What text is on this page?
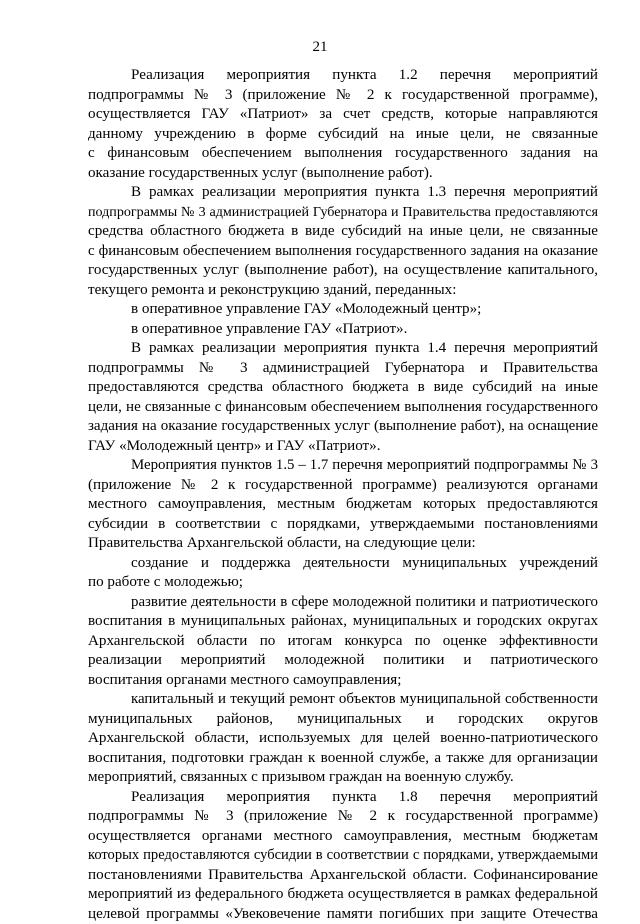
21

Реализация мероприятия пункта 1.2 перечня мероприятий
подпрограммы № 3 (приложение № 2 к государственной программе),
осуществляется ГАУ «Патриот» за счет средств, которые направляются
данному учреждению в форме субсидий на иные цели, не связанные
с финансовым обеспечением выполнения государственного задания на
оказание государственных услуг (выполнение работ).

В рамках реализации мероприятия пункта 1.3 перечня мероприятий
подпрограммы № 3 администрацией Губернатора и Правительства предоставляются
средства областного бюджета в виде субсидий на иные цели, не связанные
с финансовым обеспечением выполнения государственного задания на оказание
государственных услуг (выполнение работ), на осуществление капитального,
текущего ремонта и реконструкцию зданий, переданных:

в оперативное управление ГАУ «Молодежный центр»;

в оперативное управление ГАУ «Патриот».

В рамках реализации мероприятия пункта 1.4 перечня мероприятий
подпрограммы № 3 администрацией Губернатора и Правительства
предоставляются средства областного бюджета в виде субсидий на иные
цели, не связанные с финансовым обеспечением выполнения государственного
задания на оказание государственных услуг (выполнение работ), на оснащение
ГАУ «Молодежный центр» и ГАУ «Патриот».

Мероприятия пунктов 1.5 – 1.7 перечня мероприятий подпрограммы № 3
(приложение № 2 к государственной программе) реализуются органами
местного самоуправления, местным бюджетам которых предоставляются
субсидии в соответствии с порядками, утверждаемыми постановлениями
Правительства Архангельской области, на следующие цели:

создание и поддержка деятельности муниципальных учреждений
по работе с молодежью;

развитие деятельности в сфере молодежной политики и патриотического
воспитания в муниципальных районах, муниципальных и городских округах
Архангельской области по итогам конкурса по оценке эффективности
реализации мероприятий молодежной политики и патриотического
воспитания органами местного самоуправления;

капитальный и текущий ремонт объектов муниципальной собственности
муниципальных районов, муниципальных и городских округов
Архангельской области, используемых для целей военно-патриотического
воспитания, подготовки граждан к военной службе, а также для организации
мероприятий, связанных с призывом граждан на военную службу.

Реализация мероприятия пункта 1.8 перечня мероприятий
подпрограммы № 3 (приложение № 2 к государственной программе)
осуществляется органами местного самоуправления, местным бюджетам
которых предоставляются субсидии в соответствии с порядками, утверждаемыми
постановлениями Правительства Архангельской области. Софинансирование
мероприятий из федерального бюджета осуществляется в рамках федеральной
целевой программы «Увековечение памяти погибших при защите Отечества
